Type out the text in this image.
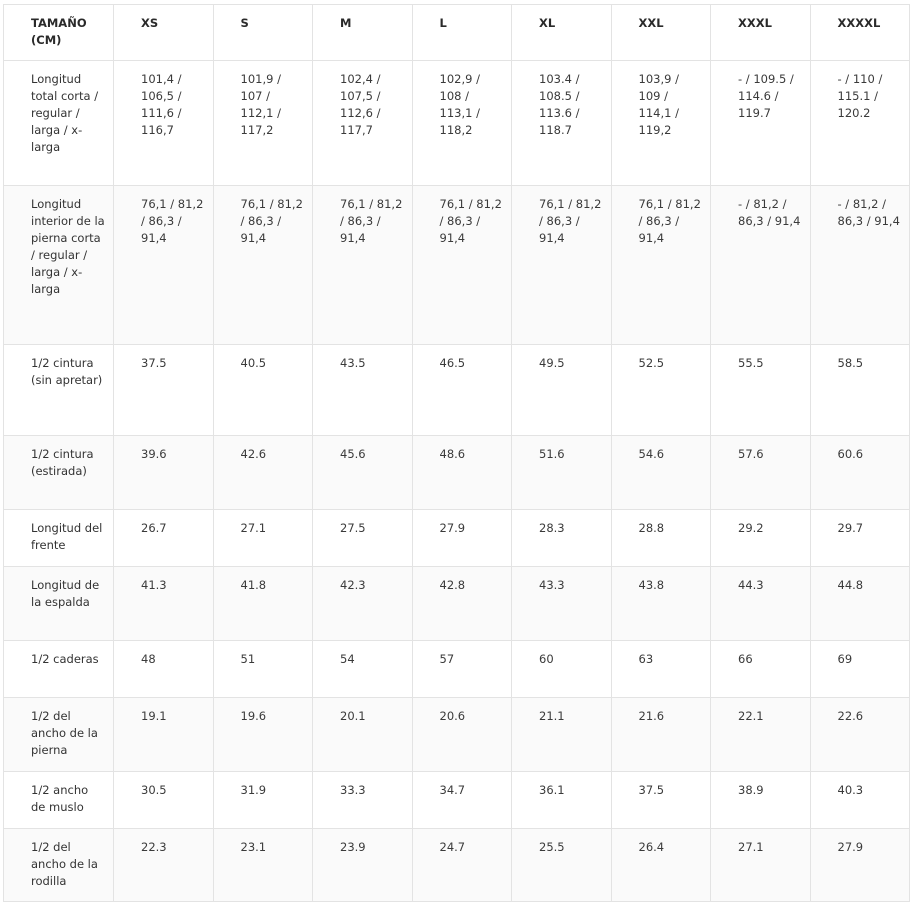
TAMAÑO (CM)	XS	S	M	L	XL	XXL	XXXL	XXXXL
Longitud total corta / regular / larga / x-larga	101,4 / 106,5 / 111,6 / 116,7	101,9 / 107 / 112,1 / 117,2	102,4 / 107,5 / 112,6 / 117,7	102,9 / 108 / 113,1 / 118,2	103.4 / 108.5 / 113.6 / 118.7	103,9 / 109 / 114,1 / 119,2	- / 109.5 / 114.6 / 119.7	- / 110 / 115.1 / 120.2
Longitud interior de la pierna corta / regular / larga / x-larga	76,1 / 81,2 / 86,3 / 91,4	76,1 / 81,2 / 86,3 / 91,4	76,1 / 81,2 / 86,3 / 91,4	76,1 / 81,2 / 86,3 / 91,4	76,1 / 81,2 / 86,3 / 91,4	76,1 / 81,2 / 86,3 / 91,4	- / 81,2 / 86,3 / 91,4	- / 81,2 / 86,3 / 91,4
1/2 cintura (sin apretar)	37.5	40.5	43.5	46.5	49.5	52.5	55.5	58.5
1/2 cintura (estirada)	39.6	42.6	45.6	48.6	51.6	54.6	57.6	60.6
Longitud del frente	26.7	27.1	27.5	27.9	28.3	28.8	29.2	29.7
Longitud de la espalda	41.3	41.8	42.3	42.8	43.3	43.8	44.3	44.8
1/2 caderas	48	51	54	57	60	63	66	69
1/2 del ancho de la pierna	19.1	19.6	20.1	20.6	21.1	21.6	22.1	22.6
1/2 ancho de muslo	30.5	31.9	33.3	34.7	36.1	37.5	38.9	40.3
1/2 del ancho de la rodilla	22.3	23.1	23.9	24.7	25.5	26.4	27.1	27.9
